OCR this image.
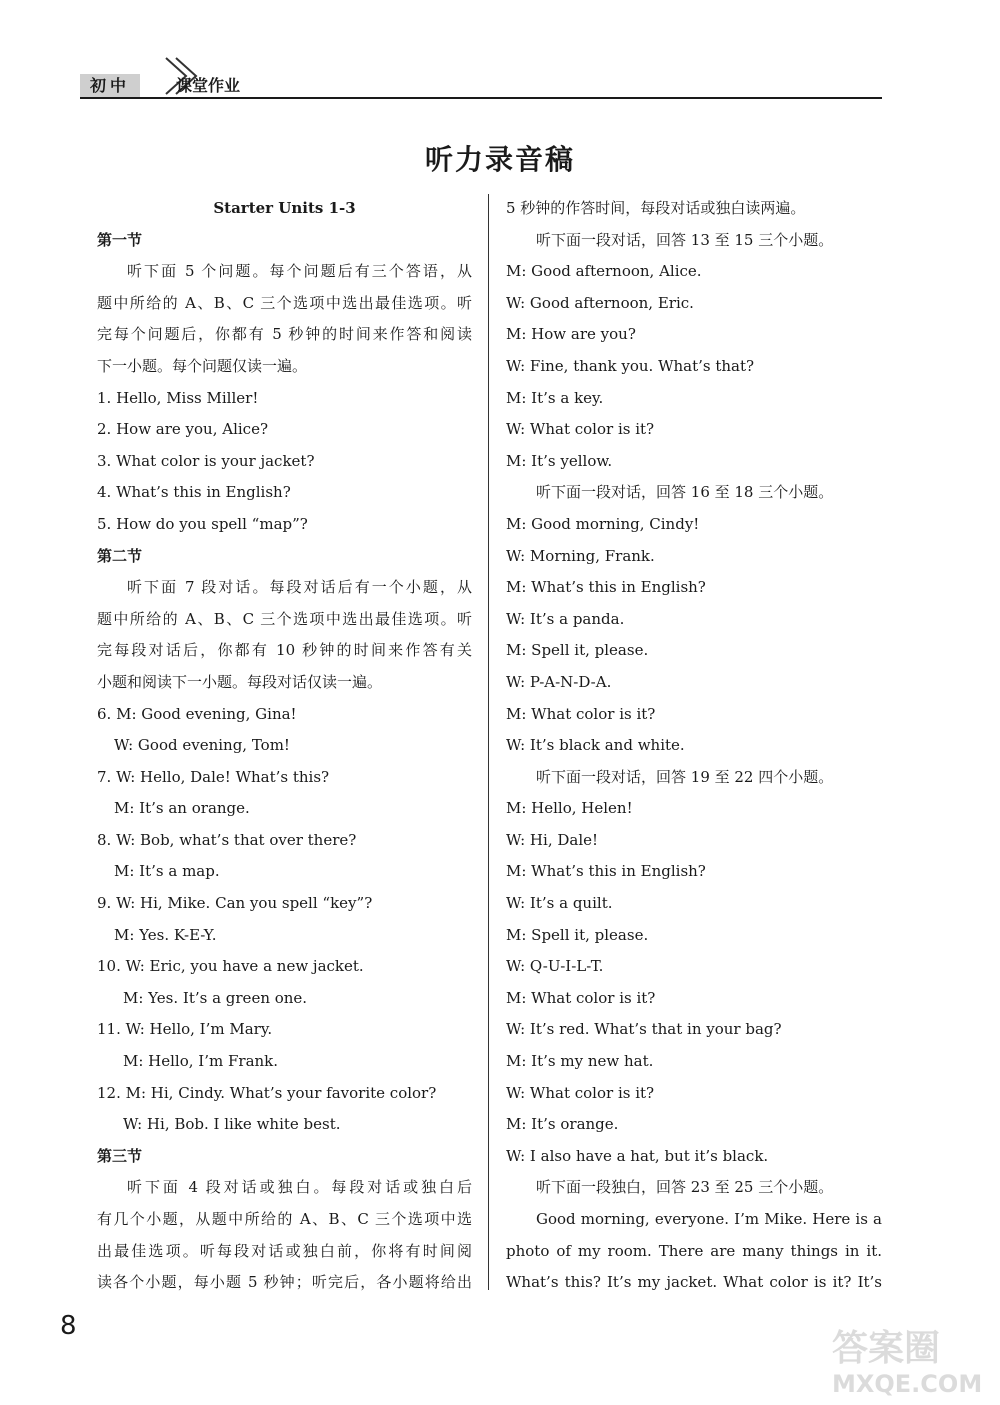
初中	课堂作业
听力录音稿
Starter Units 1-3
第一节
听下面 5 个问题。每个问题后有三个答语，从
题中所给的 A、B、C 三个选项中选出最佳选项。听
完每个问题后，你都有 5 秒钟的时间来作答和阅读
下一小题。每个问题仅读一遍。
1. Hello, Miss Miller!
2. How are you, Alice?
3. What color is your jacket?
4. What’s this in English?
5. How do you spell “map”?
第二节
听下面 7 段对话。每段对话后有一个小题，从
题中所给的 A、B、C 三个选项中选出最佳选项。听
完每段对话后，你都有 10 秒钟的时间来作答有关
小题和阅读下一小题。每段对话仅读一遍。
6. M: Good evening, Gina!
W: Good evening, Tom!
7. W: Hello, Dale! What’s this?
M: It’s an orange.
8. W: Bob, what’s that over there?
M: It’s a map.
9. W: Hi, Mike. Can you spell “key”?
M: Yes. K-E-Y.
10. W: Eric, you have a new jacket.
M: Yes. It’s a green one.
11. W: Hello, I’m Mary.
M: Hello, I’m Frank.
12. M: Hi, Cindy. What’s your favorite color?
W: Hi, Bob. I like white best.
第三节
听下面 4 段对话或独白。每段对话或独白后
有几个小题，从题中所给的 A、B、C 三个选项中选
出最佳选项。听每段对话或独白前，你将有时间阅
读各个小题，每小题 5 秒钟；听完后，各小题将给出
5 秒钟的作答时间，每段对话或独白读两遍。
听下面一段对话，回答 13 至 15 三个小题。
M: Good afternoon, Alice.
W: Good afternoon, Eric.
M: How are you?
W: Fine, thank you. What’s that?
M: It’s a key.
W: What color is it?
M: It’s yellow.
听下面一段对话，回答 16 至 18 三个小题。
M: Good morning, Cindy!
W: Morning, Frank.
M: What’s this in English?
W: It’s a panda.
M: Spell it, please.
W: P-A-N-D-A.
M: What color is it?
W: It’s black and white.
听下面一段对话，回答 19 至 22 四个小题。
M: Hello, Helen!
W: Hi, Dale!
M: What’s this in English?
W: It’s a quilt.
M: Spell it, please.
W: Q-U-I-L-T.
M: What color is it?
W: It’s red. What’s that in your bag?
M: It’s my new hat.
W: What color is it?
M: It’s orange.
W: I also have a hat, but it’s black.
听下面一段独白，回答 23 至 25 三个小题。
Good morning, everyone. I’m Mike. Here is a
photo of my room. There are many things in it.
What’s this? It’s my jacket. What color is it? It’s
8
答案圈
MXQE.COM
